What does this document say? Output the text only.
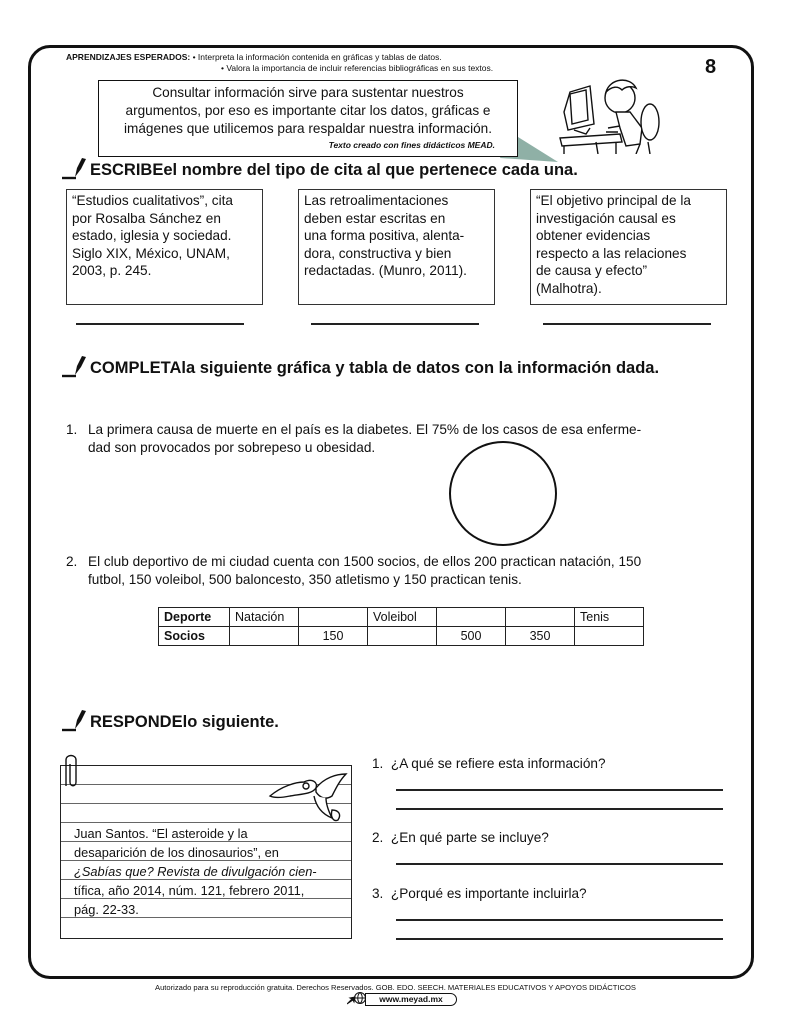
APRENDIZAJES ESPERADOS: • Interpreta la información contenida en gráficas y tablas de datos.
• Valora la importancia de incluir referencias bibliográficas en sus textos.	8
Consultar información sirve para sustentar nuestros
argumentos, por eso es importante citar los datos, gráficas e
imágenes que utilicemos para respaldar nuestra información.
Texto creado con fines didácticos MEAD.
ESCRIBE el nombre del tipo de cita al que pertenece cada una.
“Estudios cualitativos”, cita
por Rosalba Sánchez en
estado, iglesia y sociedad.
Siglo XIX, México, UNAM,
2003, p. 245.
Las retroalimentaciones
deben estar escritas en
una forma positiva, alenta-
dora, constructiva y bien
redactadas. (Munro, 2011).
“El objetivo principal de la
investigación causal es
obtener evidencias
respecto a las relaciones
de causa y efecto”
(Malhotra).
COMPLETA la siguiente gráfica y tabla de datos con la información dada.
1. La primera causa de muerte en el país es la diabetes. El 75% de los casos de esa enferme-
dad son provocados por sobrepeso u obesidad.
2. El club deportivo de mi ciudad cuenta con 1500 socios, de ellos 200 practican natación, 150
futbol, 150 voleibol, 500 baloncesto, 350 atletismo y 150 practican tenis.
Deporte	Natación		Voleibol			Tenis
Socios		150		500	350	
RESPONDE lo siguiente.
Juan Santos. “El asteroide y la
desaparición de los dinosaurios”, en
¿Sabías que? Revista de divulgación cien-
tífica, año 2014, núm. 121, febrero 2011,
pág. 22-33.
1. ¿A qué se refiere esta información?
2. ¿En qué parte se incluye?
3. ¿Porqué es importante incluirla?
Autorizado para su reproducción gratuita. Derechos Reservados. GOB. EDO. SEECH. MATERIALES EDUCATIVOS Y APOYOS DIDÁCTICOS
www.meyad.mx
